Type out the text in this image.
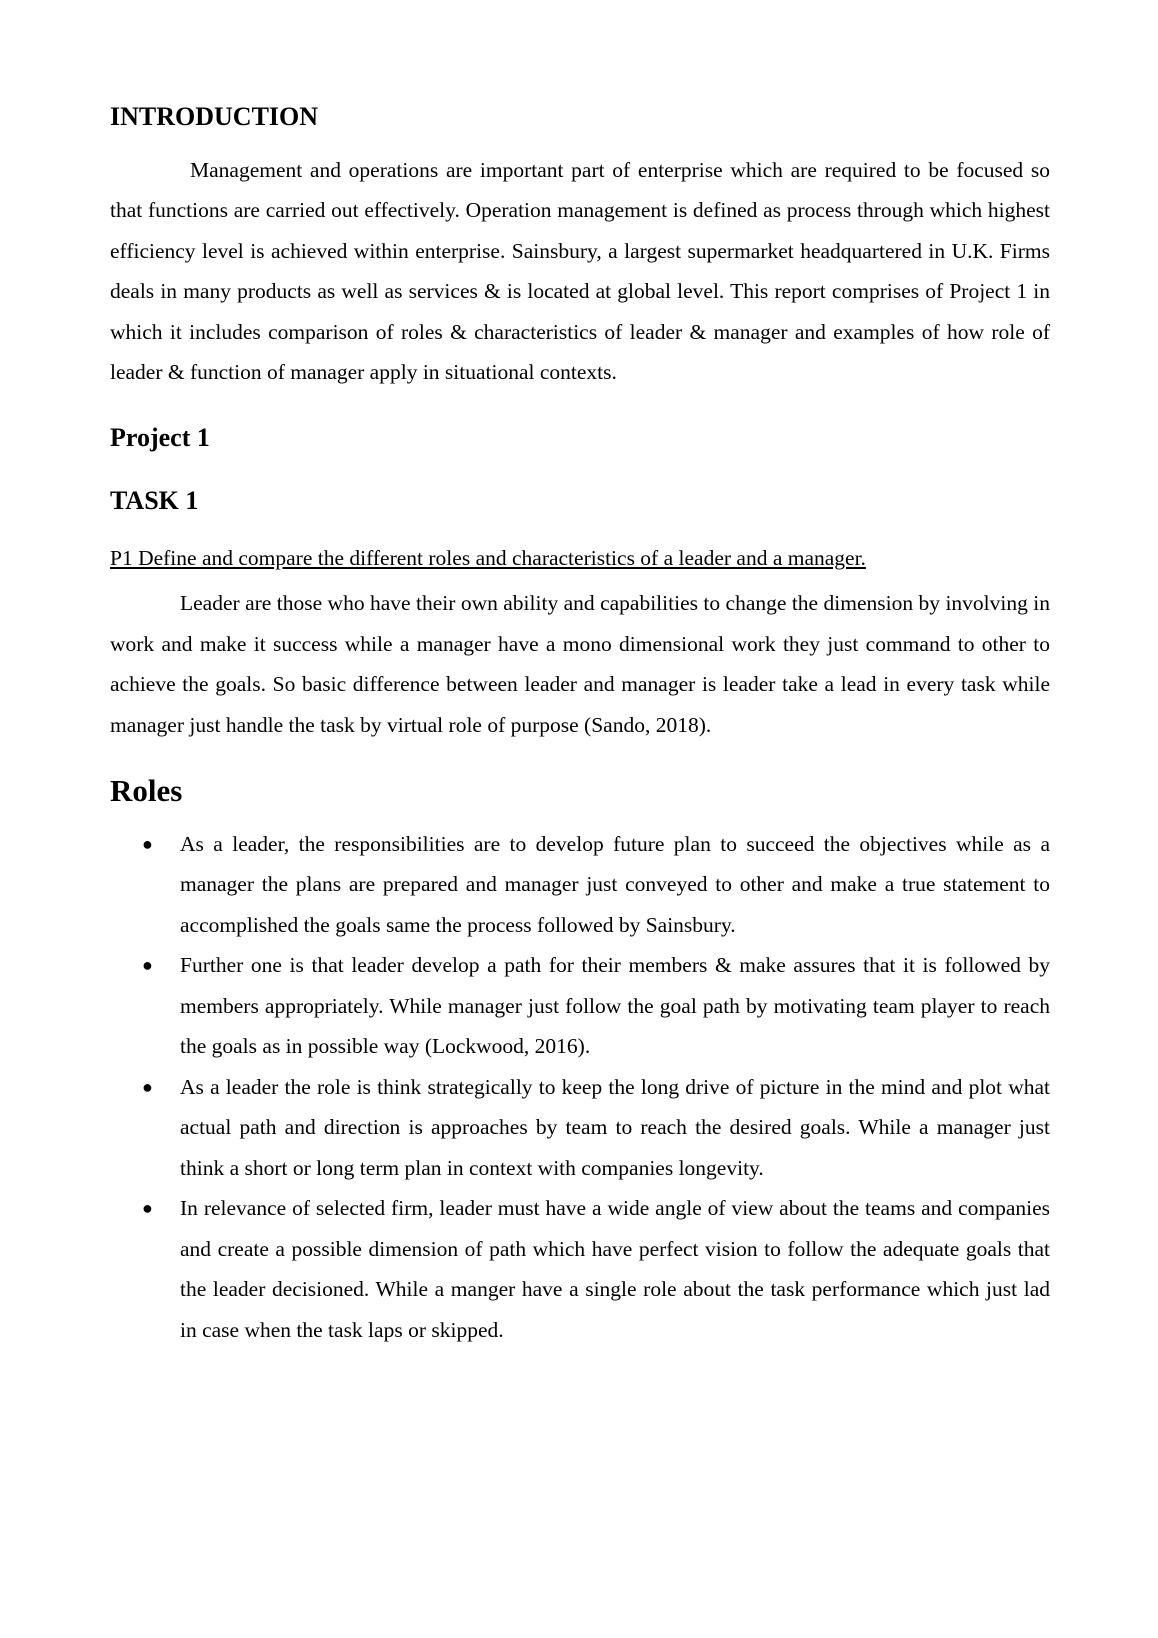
INTRODUCTION

Management and operations are important part of enterprise which are required to be focused so that functions are carried out effectively. Operation management is defined as process through which highest efficiency level is achieved within enterprise. Sainsbury, a largest supermarket headquartered in U.K. Firms deals in many products as well as services & is located at global level. This report comprises of Project 1 in which it includes comparison of roles & characteristics of leader & manager and examples of how role of leader & function of manager apply in situational contexts.

Project 1
TASK 1

P1 Define and compare the different roles and characteristics of a leader and a manager.

Leader are those who have their own ability and capabilities to change the dimension by involving in work and make it success while a manager have a mono dimensional work they just command to other to achieve the goals. So basic difference between leader and manager is leader take a lead in every task while manager just handle the task by virtual role of purpose (Sando, 2018).

Roles
● As a leader, the responsibilities are to develop future plan to succeed the objectives while as a manager the plans are prepared and manager just conveyed to other and make a true statement to accomplished the goals same the process followed by Sainsbury.
● Further one is that leader develop a path for their members & make assures that it is followed by members appropriately. While manager just follow the goal path by motivating team player to reach the goals as in possible way (Lockwood, 2016).
● As a leader the role is think strategically to keep the long drive of picture in the mind and plot what actual path and direction is approaches by team to reach the desired goals. While a manager just think a short or long term plan in context with companies longevity.
● In relevance of selected firm, leader must have a wide angle of view about the teams and companies and create a possible dimension of path which have perfect vision to follow the adequate goals that the leader decisioned. While a manger have a single role about the task performance which just lad in case when the task laps or skipped.
